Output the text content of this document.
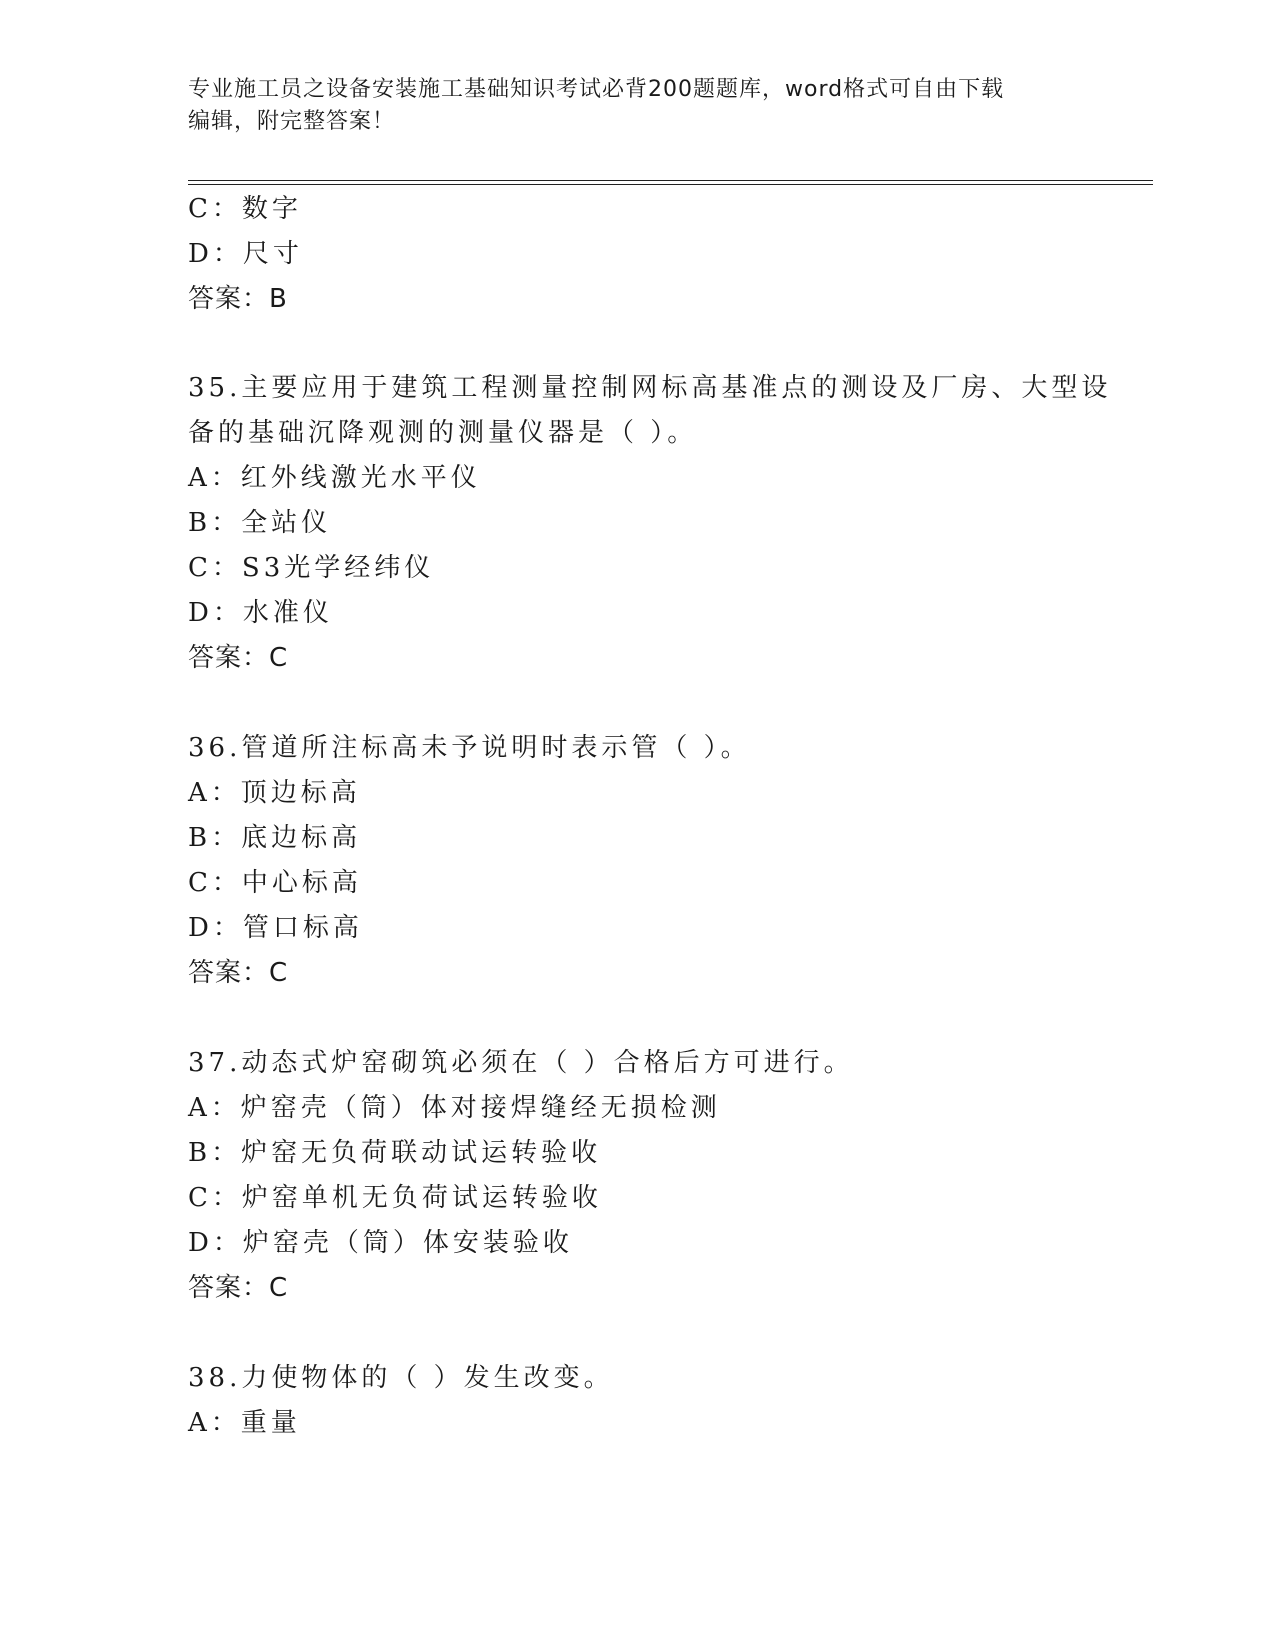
专业施工员之设备安装施工基础知识考试必背200题题库，word格式可自由下载
编辑，附完整答案！
C：数字
D：尺寸
答案：B
35.主要应用于建筑工程测量控制网标高基准点的测设及厂房、大型设
备的基础沉降观测的测量仪器是（ ）。
A：红外线激光水平仪
B：全站仪
C：S3光学经纬仪
D：水准仪
答案：C
36.管道所注标高未予说明时表示管（ ）。
A：顶边标高
B：底边标高
C：中心标高
D：管口标高
答案：C
37.动态式炉窑砌筑必须在（ ）合格后方可进行。
A：炉窑壳（筒）体对接焊缝经无损检测
B：炉窑无负荷联动试运转验收
C：炉窑单机无负荷试运转验收
D：炉窑壳（筒）体安装验收
答案：C
38.力使物体的（ ）发生改变。
A：重量
